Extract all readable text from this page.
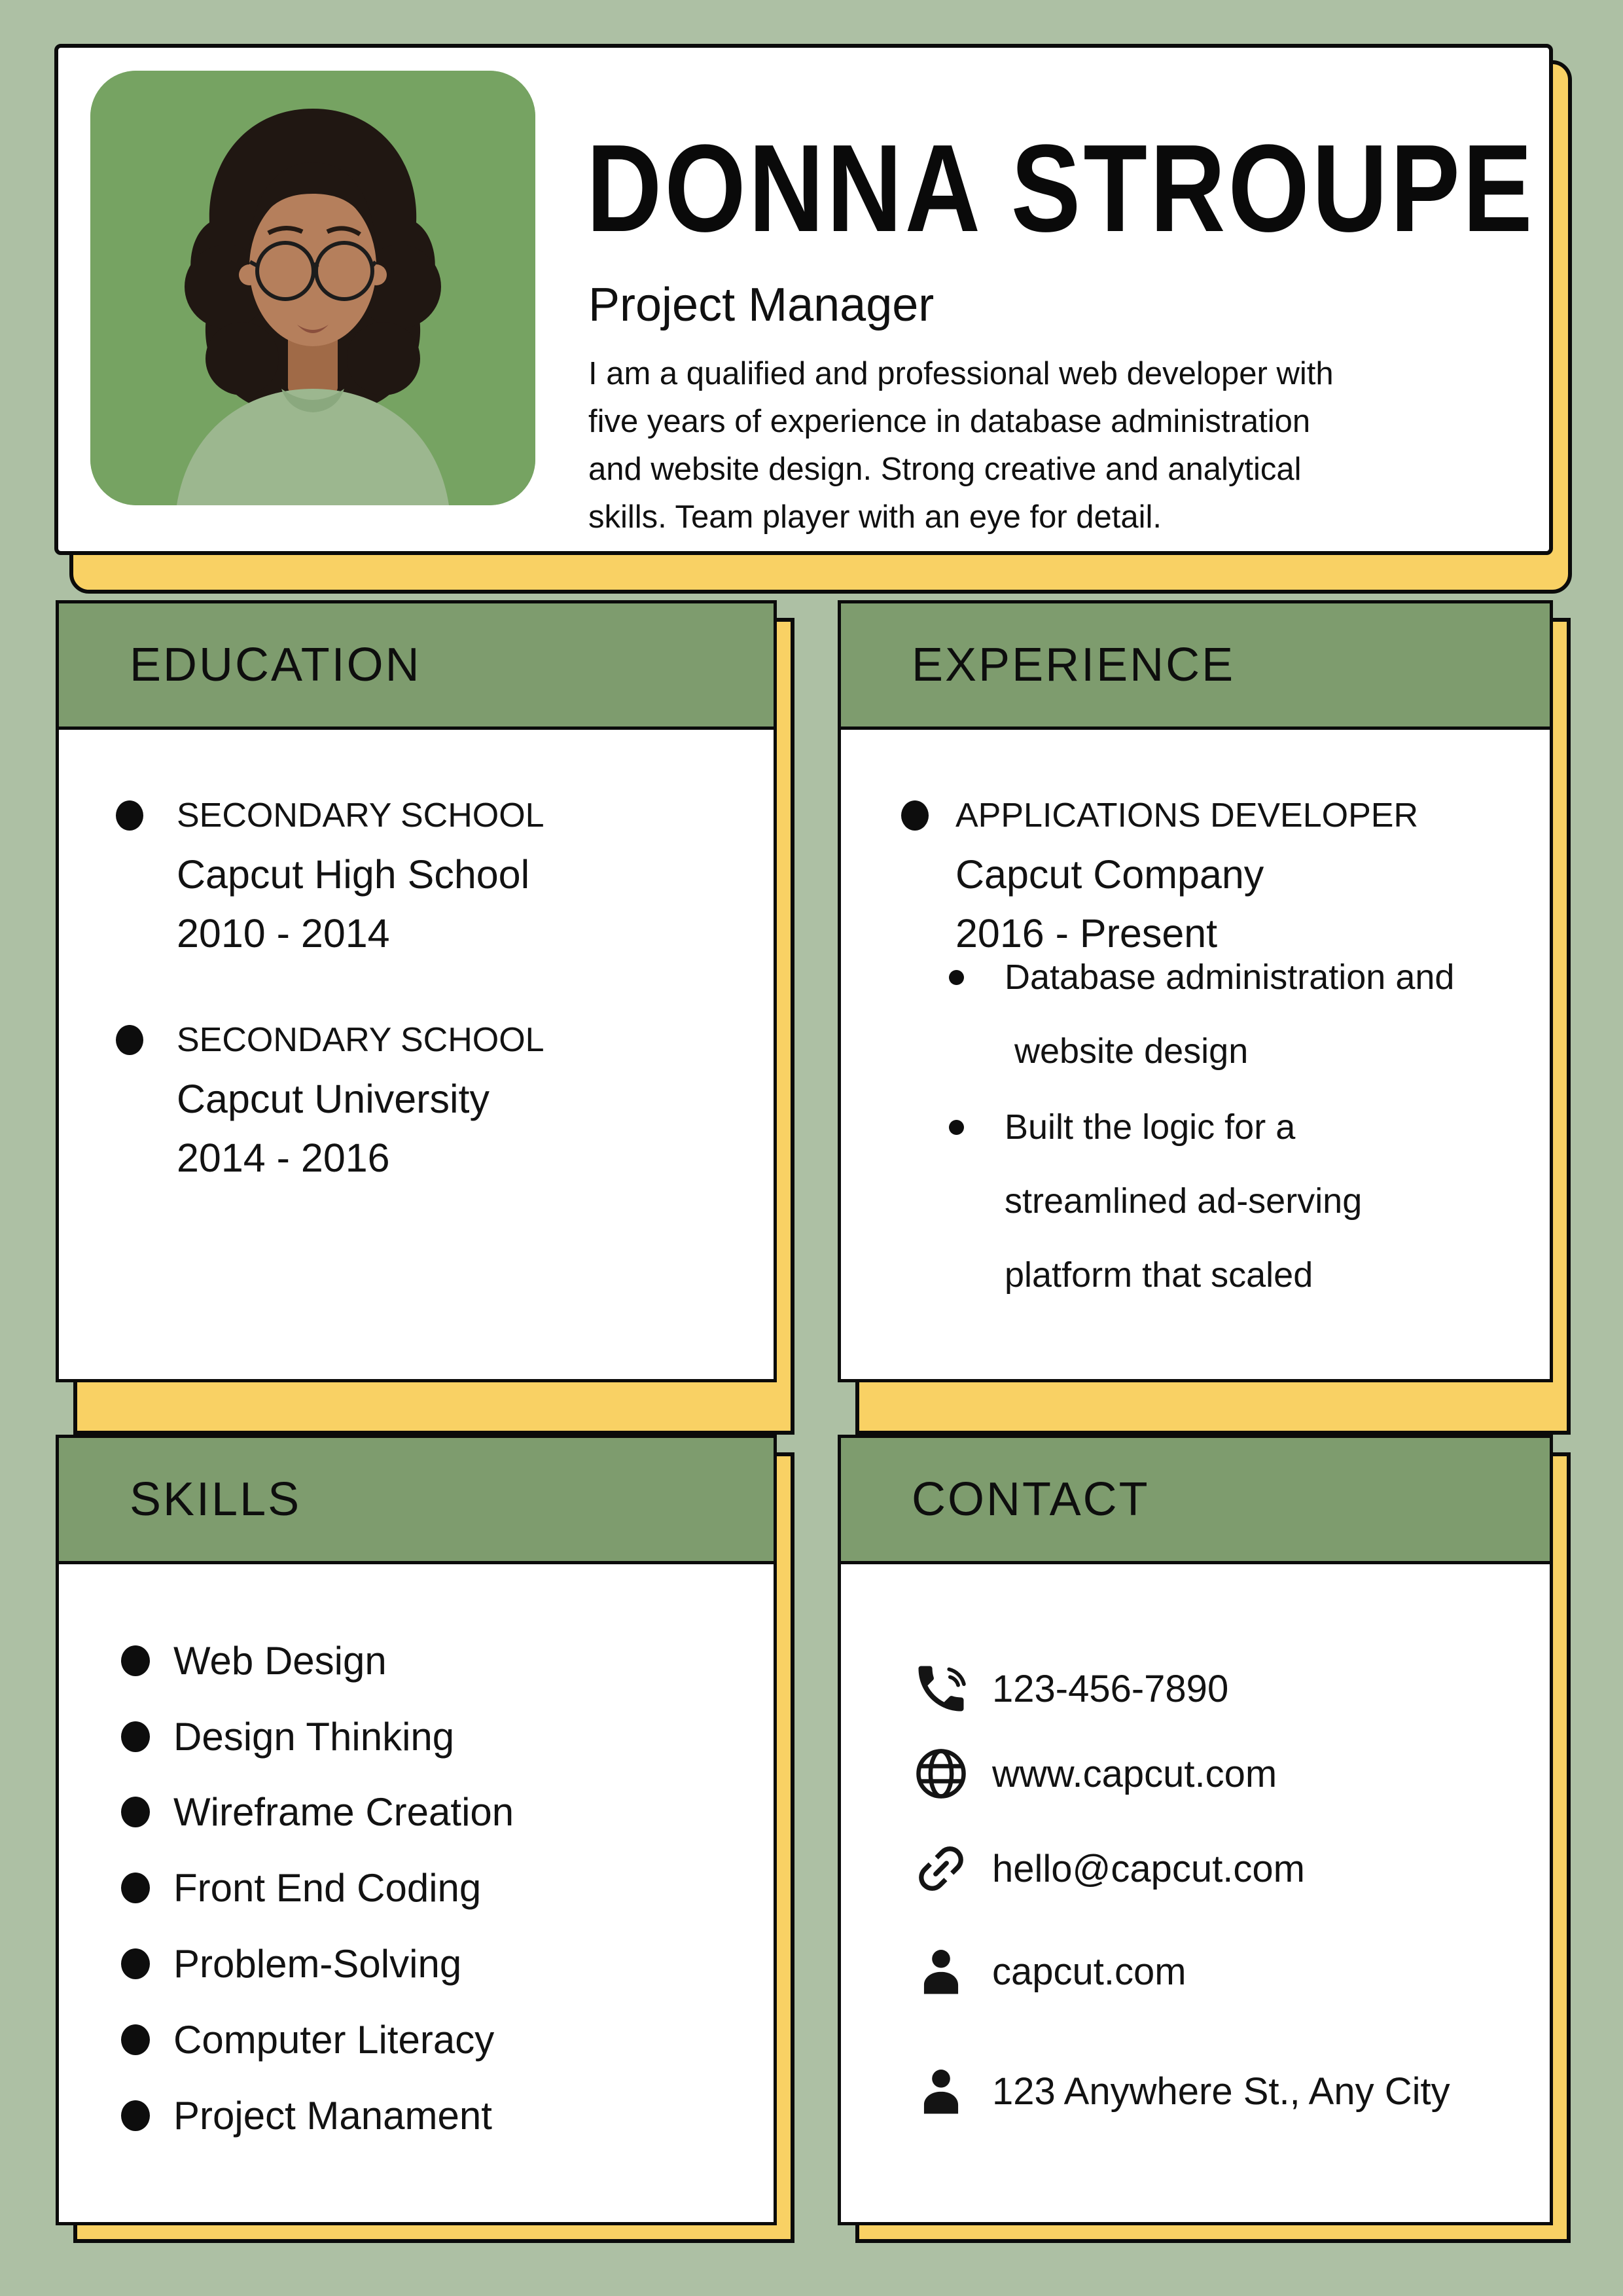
DONNA STROUPE
Project Manager
I am a qualified and professional web developer with
five years of experience in database administration
and website design. Strong creative and analytical
skills. Team player with an eye for detail.
EDUCATION
SECONDARY SCHOOL
Capcut High School
2010 - 2014
SECONDARY SCHOOL
Capcut University
2014 - 2016
EXPERIENCE
APPLICATIONS DEVELOPER
Capcut Company
2016 - Present
Database administration and
website design
Built the logic for a
streamlined ad-serving
platform that scaled
SKILLS
Web Design
Design Thinking
Wireframe Creation
Front End Coding
Problem-Solving
Computer Literacy
Project Manament
CONTACT
123-456-7890
www.capcut.com
hello@capcut.com
capcut.com
123 Anywhere St., Any City
